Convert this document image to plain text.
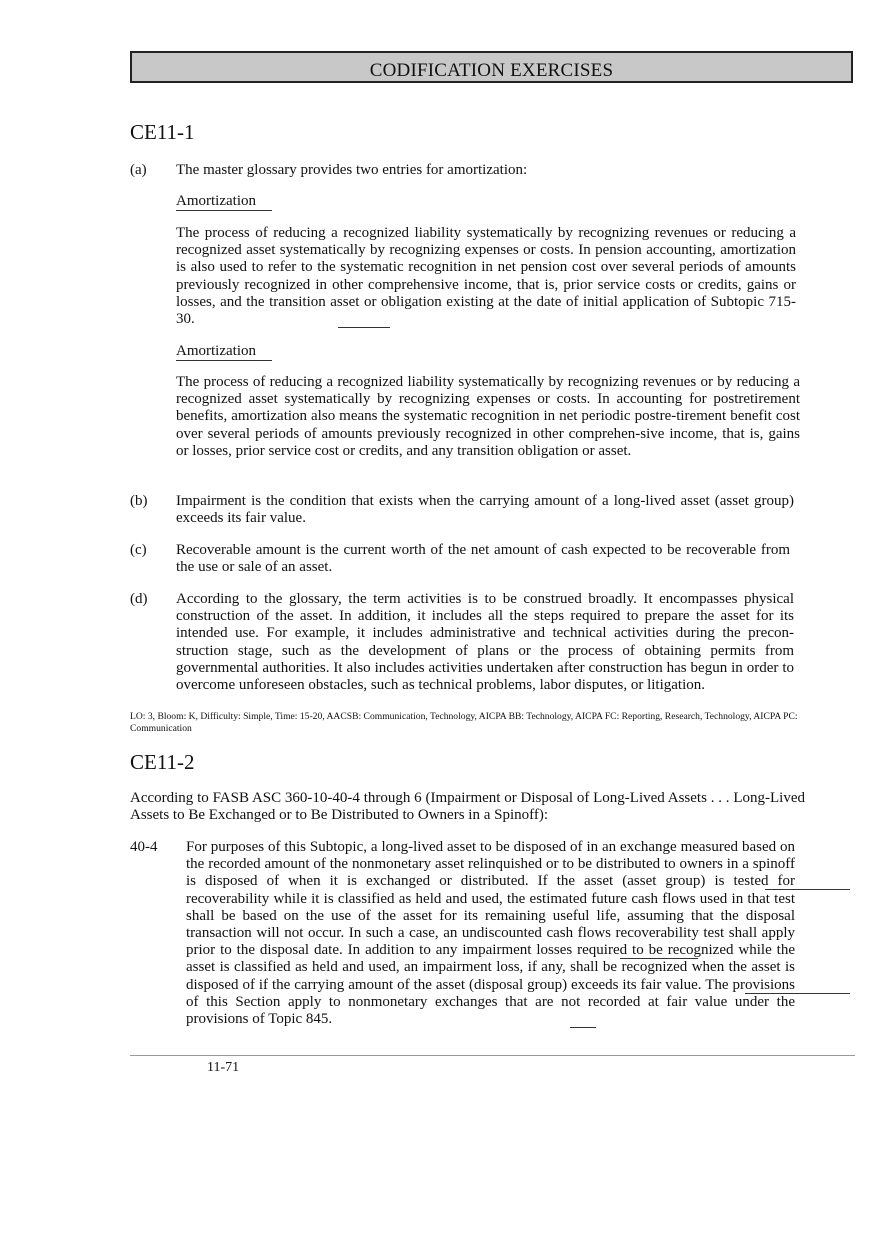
CODIFICATION EXERCISES
CE11-1
(a) The master glossary provides two entries for amortization:
Amortization
The process of reducing a recognized liability systematically by recognizing revenues or reducing a recognized asset systematically by recognizing expenses or costs. In pension accounting, amortization is also used to refer to the systematic recognition in net pension cost over several periods of amounts previously recognized in other comprehensive income, that is, prior service costs or credits, gains or losses, and the transition asset or obligation existing at the date of initial application of Subtopic 715-30.
Amortization
The process of reducing a recognized liability systematically by recognizing revenues or by reducing a recognized asset systematically by recognizing expenses or costs. In accounting for postretirement benefits, amortization also means the systematic recognition in net periodic postre-tirement benefit cost over several periods of amounts previously recognized in other comprehen-sive income, that is, gains or losses, prior service cost or credits, and any transition obligation or asset.
(b) Impairment is the condition that exists when the carrying amount of a long-lived asset (asset group) exceeds its fair value.
(c) Recoverable amount is the current worth of the net amount of cash expected to be recoverable from the use or sale of an asset.
(d) According to the glossary, the term activities is to be construed broadly. It encompasses physical construction of the asset. In addition, it includes all the steps required to prepare the asset for its intended use. For example, it includes administrative and technical activities during the precon-struction stage, such as the development of plans or the process of obtaining permits from governmental authorities. It also includes activities undertaken after construction has begun in order to overcome unforeseen obstacles, such as technical problems, labor disputes, or litigation.
LO: 3, Bloom: K, Difficulty: Simple, Time: 15-20, AACSB: Communication, Technology, AICPA BB: Technology, AICPA FC: Reporting, Research, Technology, AICPA PC: Communication
CE11-2
According to FASB ASC 360-10-40-4 through 6 (Impairment or Disposal of Long-Lived Assets . . . Long-Lived Assets to Be Exchanged or to Be Distributed to Owners in a Spinoff):
40-4 For purposes of this Subtopic, a long-lived asset to be disposed of in an exchange measured based on the recorded amount of the nonmonetary asset relinquished or to be distributed to owners in a spinoff is disposed of when it is exchanged or distributed. If the asset (asset group) is tested for recoverability while it is classified as held and used, the estimated future cash flows used in that test shall be based on the use of the asset for its remaining useful life, assuming that the disposal transaction will not occur. In such a case, an undiscounted cash flows recoverability test shall apply prior to the disposal date. In addition to any impairment losses required to be recognized while the asset is classified as held and used, an impairment loss, if any, shall be recognized when the asset is disposed of if the carrying amount of the asset (disposal group) exceeds its fair value. The provisions of this Section apply to nonmonetary exchanges that are not recorded at fair value under the provisions of Topic 845.
11-71
